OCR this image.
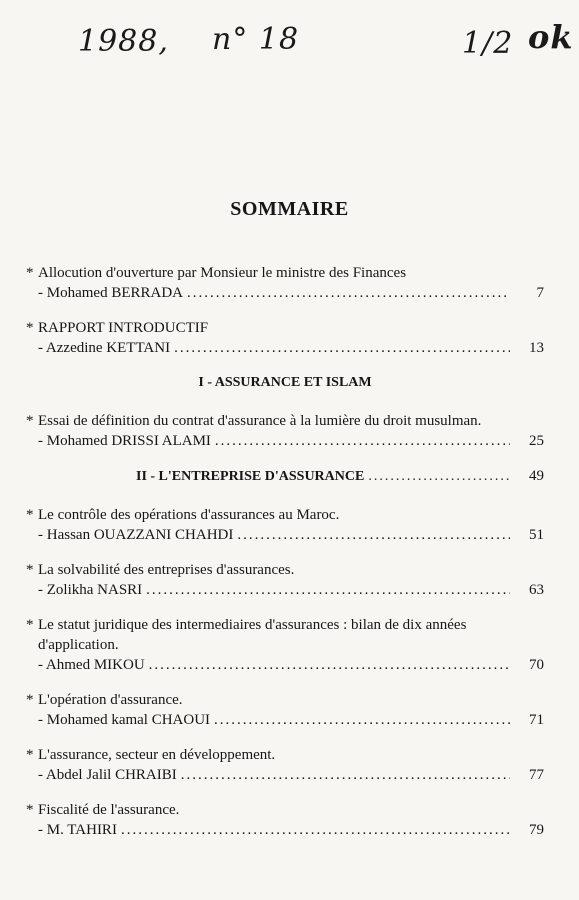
1988, n° 18	1/2 ok
SOMMAIRE
* Allocution d'ouverture par Monsieur le ministre des Finances
- Mohamed BERRADA .....	7
* RAPPORT INTRODUCTIF
- Azzedine KETTANI .....	13
I - ASSURANCE ET ISLAM
* Essai de définition du contrat d'assurance à la lumière du droit musulman.
- Mohamed DRISSI ALAMI .....	25
II - L'ENTREPRISE D'ASSURANCE .....	49
* Le contrôle des opérations d'assurances au Maroc.
- Hassan OUAZZANI CHAHDI .....	51
* La solvabilité des entreprises d'assurances.
- Zolikha NASRI .....	63
* Le statut juridique des intermediaires d'assurances : bilan de dix années d'application.
- Ahmed MIKOU .....	70
* L'opération d'assurance.
- Mohamed kamal CHAOUI .....	71
* L'assurance, secteur en développement.
- Abdel Jalil CHRAIBI .....	77
* Fiscalité de l'assurance.
- M. TAHIRI .....	79
